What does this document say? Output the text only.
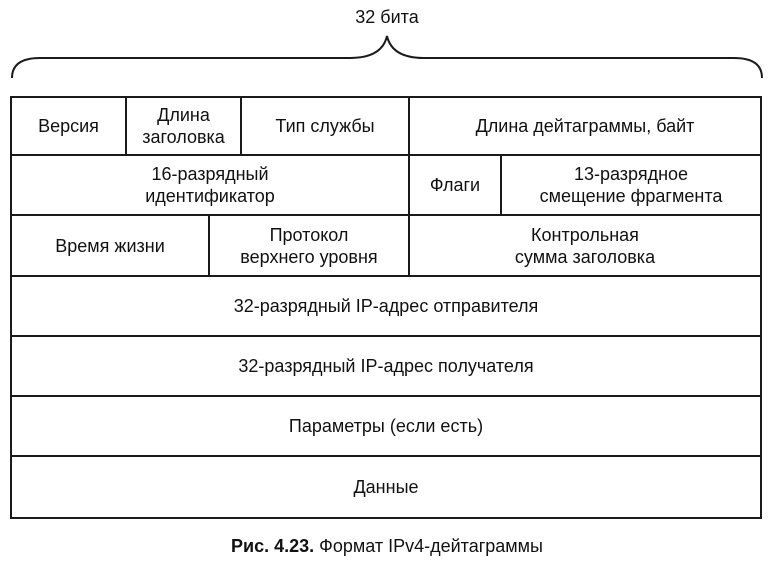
32 бита
Версия
Длина
заголовка
Тип службы	Длина дейтаграммы, байт
16-разрядный
идентификатор
Флаги
13-разрядное
смещение фрагмента
Время жизни
Протокол
верхнего уровня
Контрольная
сумма заголовка
32-разрядный IP-адрес отправителя
32-разрядный IP-адрес получателя
Параметры (если есть)
Данные
Рис. 4.23. Формат IPv4-дейтаграммы
